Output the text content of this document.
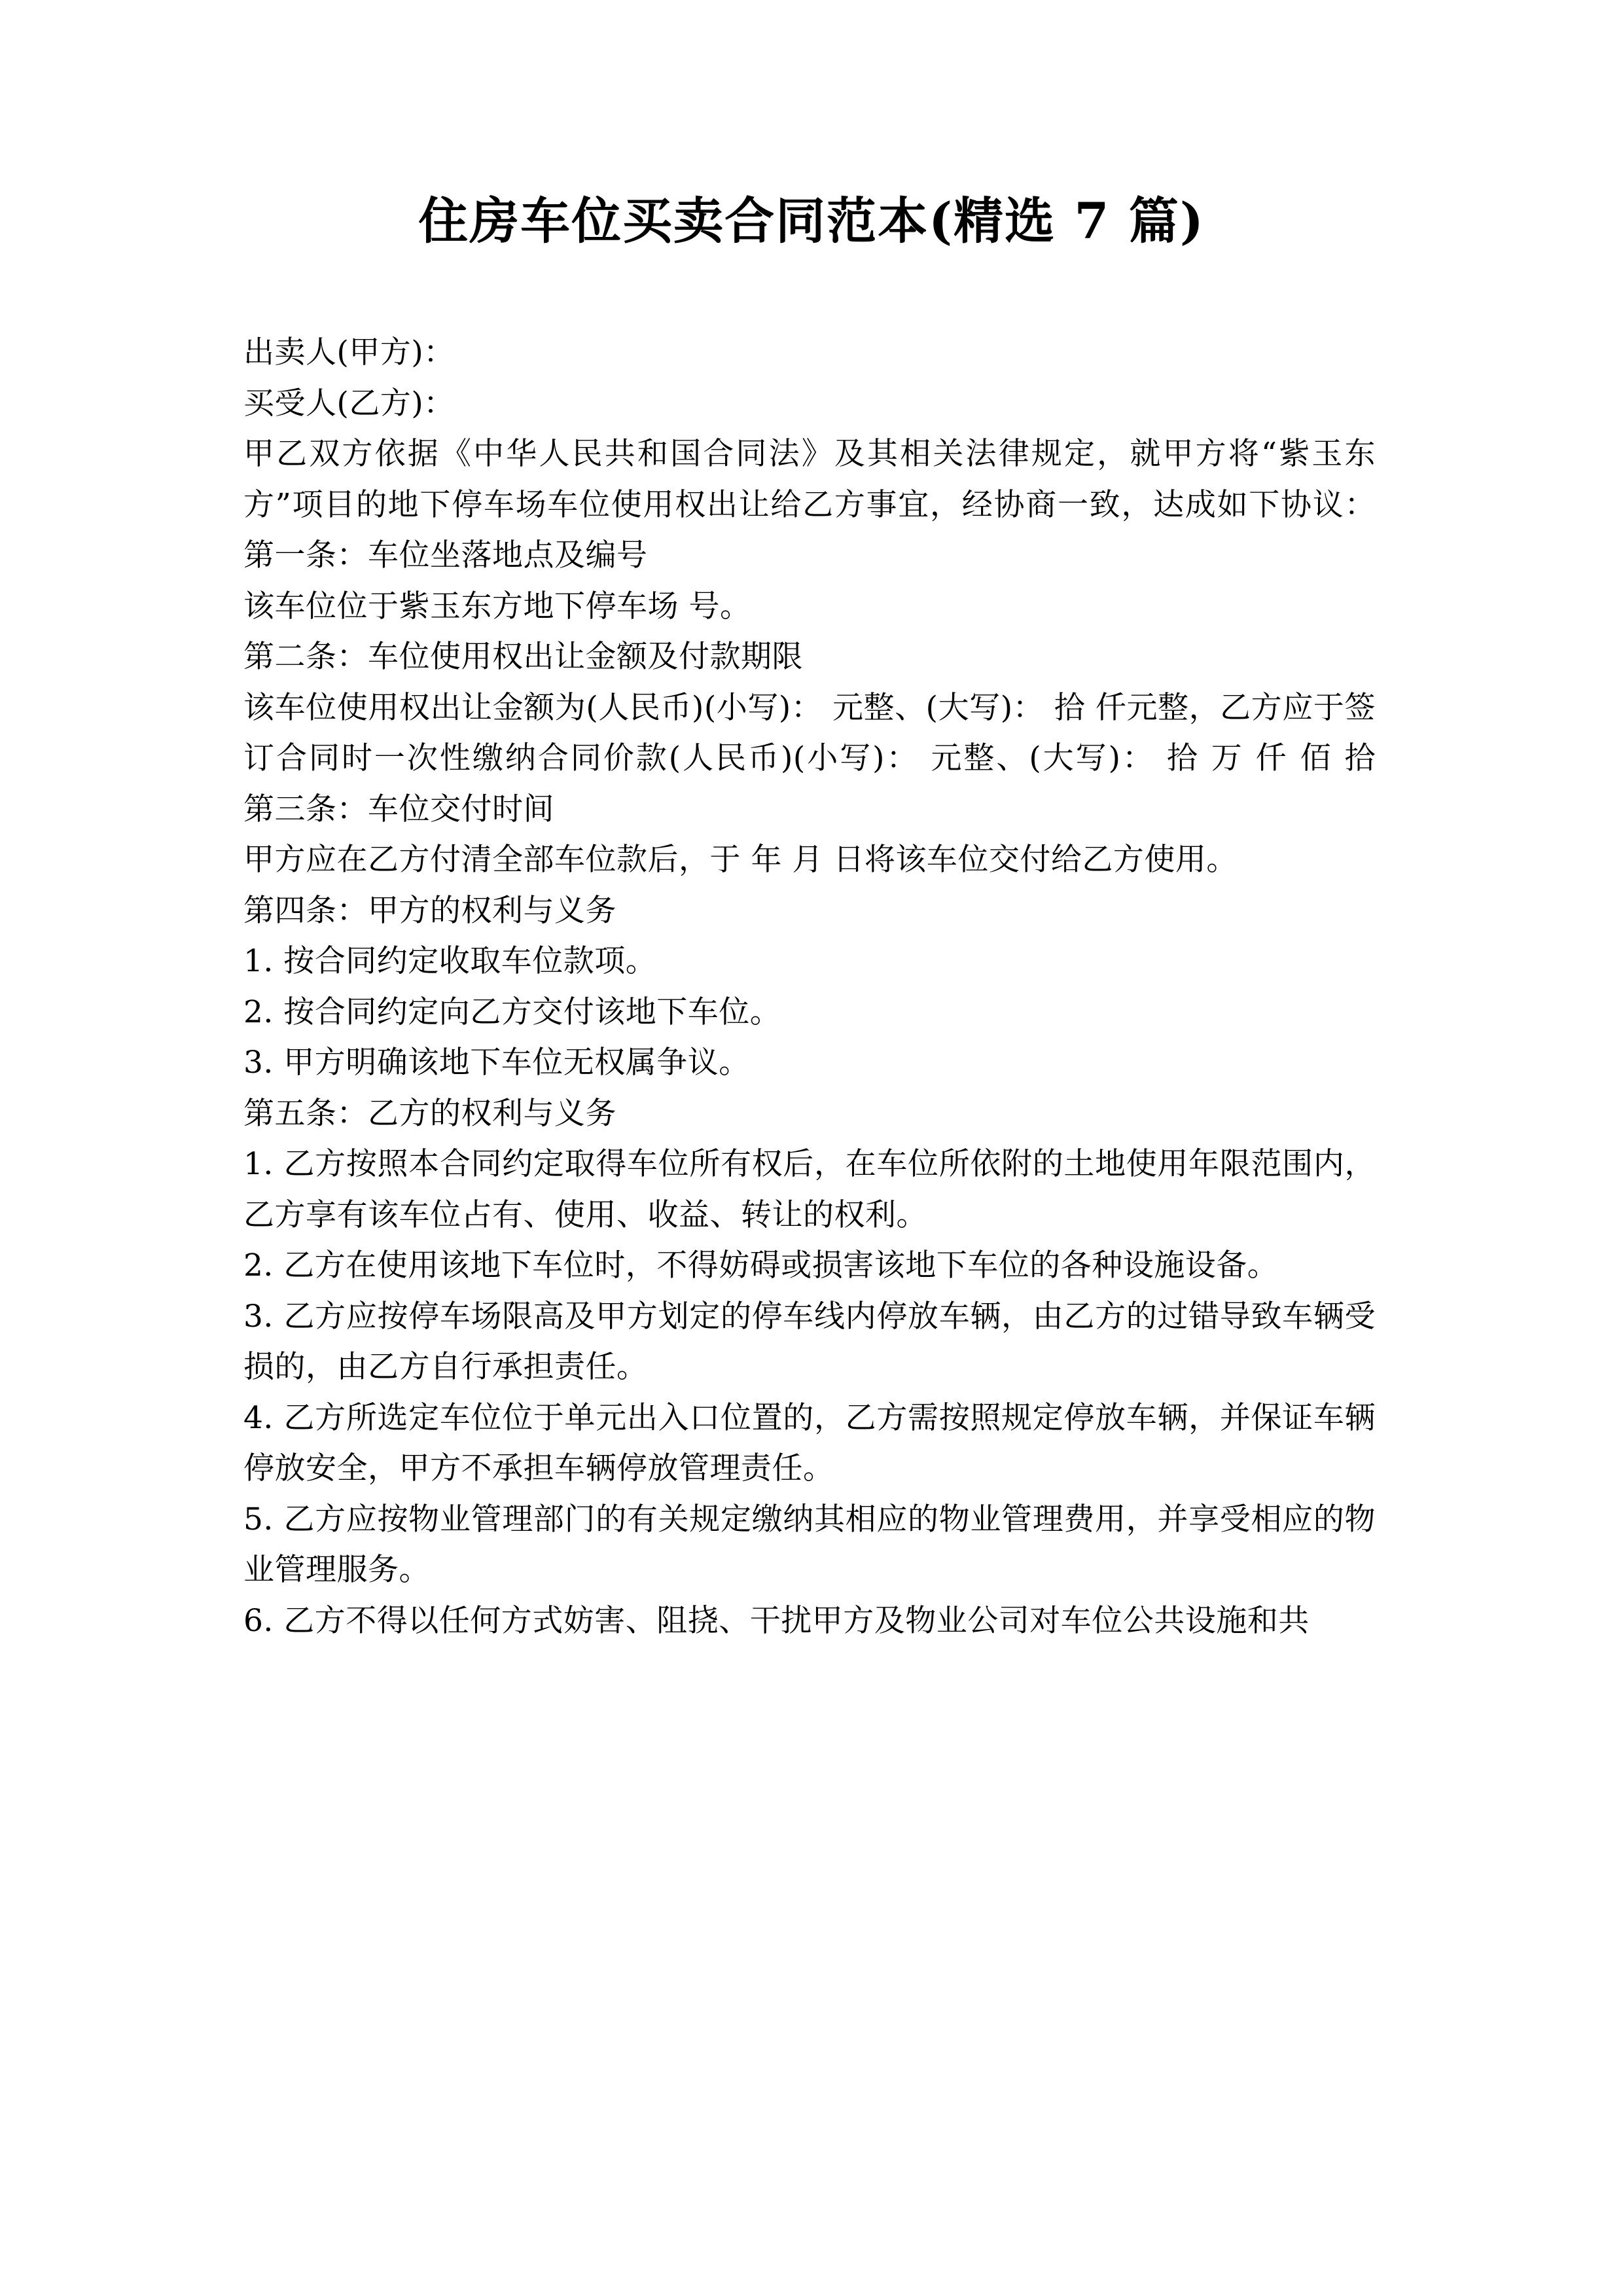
住房车位买卖合同范本(精选 7 篇)

出卖人(甲方)：

买受人(乙方)：

甲乙双方依据《中华人民共和国合同法》及其相关法律规定，就甲方将“紫玉东方”项目的地下停车场车位使用权出让给乙方事宜，经协商一致，达成如下协议：

第一条：车位坐落地点及编号

该车位位于紫玉东方地下停车场 号。

第二条：车位使用权出让金额及付款期限

该车位使用权出让金额为(人民币)(小写)： 元整、(大写)： 拾 仟元整，乙方应于签订合同时一次性缴纳合同价款(人民币)(小写)： 元整、(大写)： 拾 万 仟 佰 拾

第三条：车位交付时间

甲方应在乙方付清全部车位款后，于 年 月 日将该车位交付给乙方使用。

第四条：甲方的权利与义务

1. 按合同约定收取车位款项。

2. 按合同约定向乙方交付该地下车位。

3. 甲方明确该地下车位无权属争议。

第五条：乙方的权利与义务

1. 乙方按照本合同约定取得车位所有权后，在车位所依附的土地使用年限范围内，乙方享有该车位占有、使用、收益、转让的权利。

2. 乙方在使用该地下车位时，不得妨碍或损害该地下车位的各种设施设备。

3. 乙方应按停车场限高及甲方划定的停车线内停放车辆，由乙方的过错导致车辆受损的，由乙方自行承担责任。

4. 乙方所选定车位位于单元出入口位置的，乙方需按照规定停放车辆，并保证车辆停放安全，甲方不承担车辆停放管理责任。

5. 乙方应按物业管理部门的有关规定缴纳其相应的物业管理费用，并享受相应的物业管理服务。

6. 乙方不得以任何方式妨害、阻挠、干扰甲方及物业公司对车位公共设施和共
